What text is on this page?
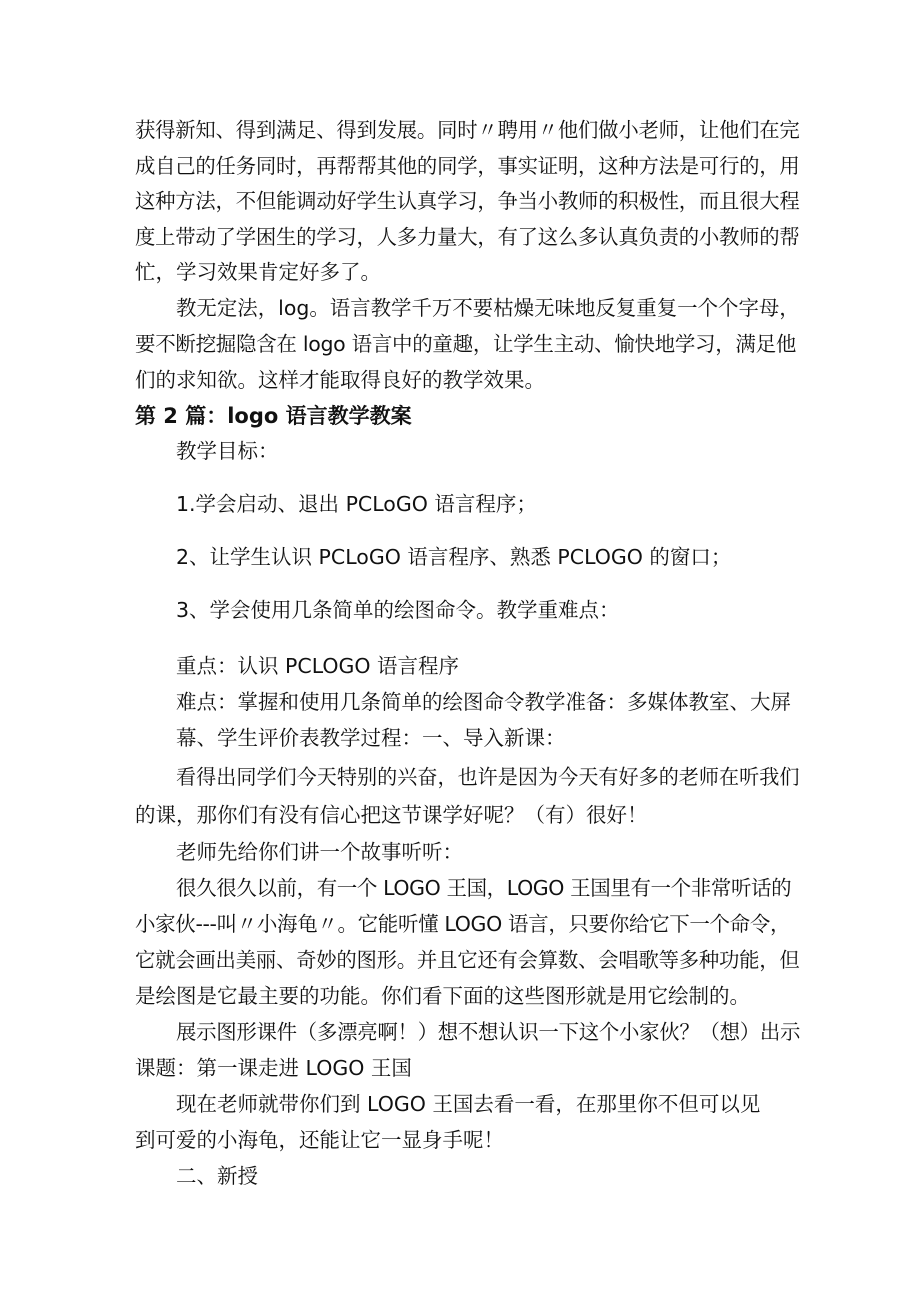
获得新知、得到满足、得到发展。同时〃聘用〃他们做小老师，让他们在完

成自己的任务同时，再帮帮其他的同学，事实证明，这种方法是可行的，用

这种方法，不但能调动好学生认真学习，争当小教师的积极性，而且很大程

度上带动了学困生的学习，人多力量大，有了这么多认真负责的小教师的帮

忙，学习效果肯定好多了。

教无定法，log。语言教学千万不要枯燥无味地反复重复一个个字母，

要不断挖掘隐含在 logo 语言中的童趣，让学生主动、愉快地学习，满足他

们的求知欲。这样才能取得良好的教学效果。

第 2 篇：logo 语言教学教案

教学目标：

1.学会启动、退出 PCLoGO 语言程序；

2、让学生认识 PCLoGO 语言程序、熟悉 PCLOGO 的窗口；

3、学会使用几条简单的绘图命令。教学重难点：

重点：认识 PCLOGO 语言程序

难点：掌握和使用几条简单的绘图命令教学准备：多媒体教室、大屏

幕、学生评价表教学过程：一、导入新课：

看得出同学们今天特别的兴奋，也许是因为今天有好多的老师在听我们

的课，那你们有没有信心把这节课学好呢？（有）很好！

老师先给你们讲一个故事听听：

很久很久以前，有一个 LOGO 王国，LOGO 王国里有一个非常听话的

小家伙---叫〃小海龟〃。它能听懂 LOGO 语言，只要你给它下一个命令，

它就会画出美丽、奇妙的图形。并且它还有会算数、会唱歌等多种功能，但

是绘图是它最主要的功能。你们看下面的这些图形就是用它绘制的。

展示图形课件（多漂亮啊！）想不想认识一下这个小家伙？（想）出示

课题：第一课走进 LOGO 王国

现在老师就带你们到 LOGO 王国去看一看，在那里你不但可以见

到可爱的小海龟，还能让它一显身手呢！

二、新授
